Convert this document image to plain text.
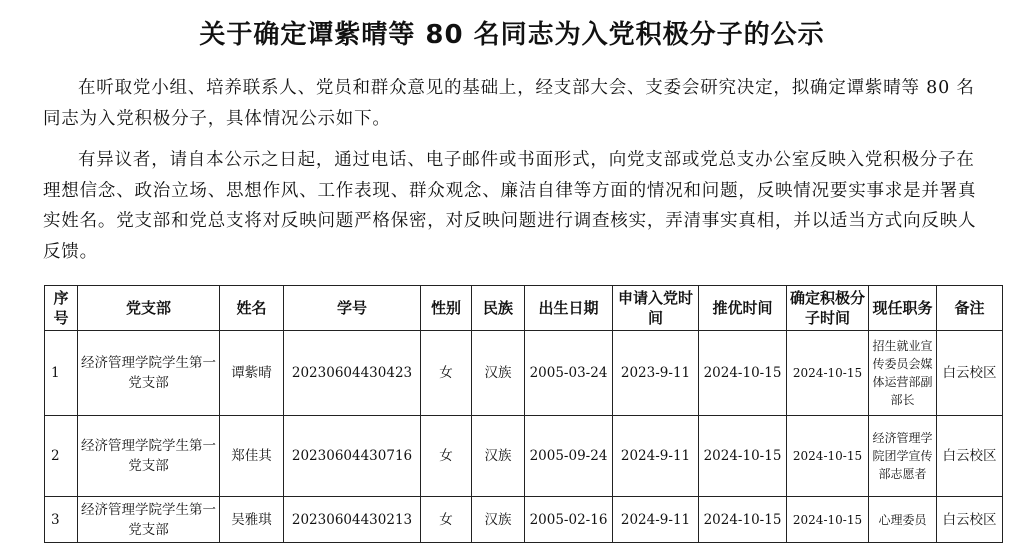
关于确定谭紫晴等 80 名同志为入党积极分子的公示

在听取党小组、培养联系人、党员和群众意见的基础上，经支部大会、支委会研究决定，拟确定谭紫晴等 80 名同志为入党积极分子，具体情况公示如下。

有异议者，请自本公示之日起，通过电话、电子邮件或书面形式，向党支部或党总支办公室反映入党积极分子在理想信念、政治立场、思想作风、工作表现、群众观念、廉洁自律等方面的情况和问题，反映情况要实事求是并署真实姓名。党支部和党总支将对反映问题严格保密，对反映问题进行调查核实，弄清事实真相，并以适当方式向反映人反馈。

序号	党支部	姓名	学号	性别	民族	出生日期	申请入党时间	推优时间	确定积极分子时间	现任职务	备注
1	经济管理学院学生第一党支部	谭紫晴	20230604430423	女	汉族	2005-03-24	2023-9-11	2024-10-15	2024-10-15	招生就业宣传委员会媒体运营部副部长	白云校区
2	经济管理学院学生第一党支部	郑佳其	20230604430716	女	汉族	2005-09-24	2024-9-11	2024-10-15	2024-10-15	经济管理学院团学宣传部志愿者	白云校区
3	经济管理学院学生第一党支部	吴雅琪	20230604430213	女	汉族	2005-02-16	2024-9-11	2024-10-15	2024-10-15	心理委员	白云校区
